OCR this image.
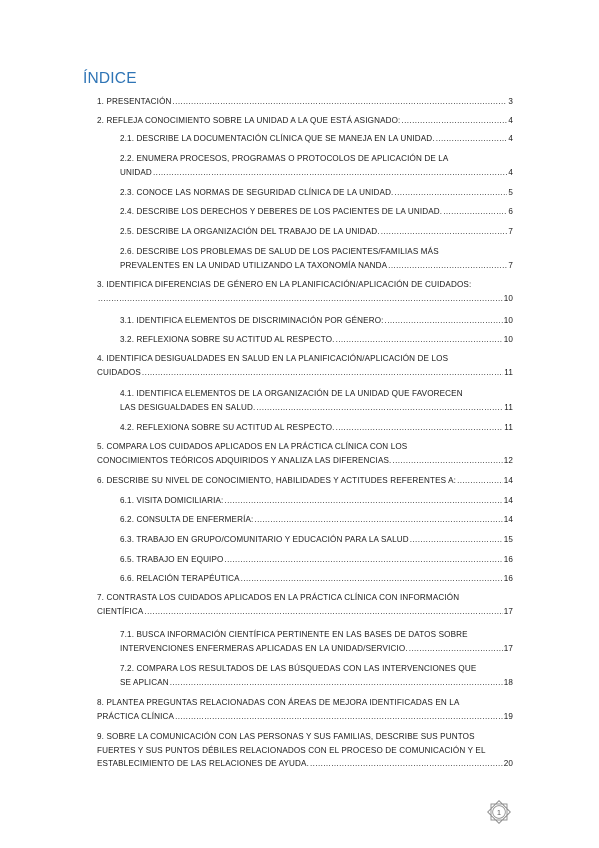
ÍNDICE
1. PRESENTACIÓN .....	3
2. REFLEJA CONOCIMIENTO SOBRE LA UNIDAD A LA QUE ESTÁ ASIGNADO: .....	4
2.1. DESCRIBE LA DOCUMENTACIÓN CLÍNICA QUE SE MANEJA EN LA UNIDAD. .....	4
2.2. ENUMERA PROCESOS, PROGRAMAS O PROTOCOLOS DE APLICACIÓN DE LA
UNIDAD .....	4
2.3. CONOCE LAS NORMAS DE SEGURIDAD CLÍNICA DE LA UNIDAD. .....	5
2.4. DESCRIBE LOS DERECHOS Y DEBERES DE LOS PACIENTES DE LA UNIDAD. .....	6
2.5. DESCRIBE LA ORGANIZACIÓN DEL TRABAJO DE LA UNIDAD. .....	7
2.6. DESCRIBE LOS PROBLEMAS DE SALUD DE LOS PACIENTES/FAMILIAS MÁS
PREVALENTES EN LA UNIDAD UTILIZANDO LA TAXONOMÍA NANDA .....	7
3. IDENTIFICA DIFERENCIAS DE GÉNERO EN LA PLANIFICACIÓN/APLICACIÓN DE CUIDADOS:
.....
10
3.1. IDENTIFICA ELEMENTOS DE DISCRIMINACIÓN POR GÉNERO: .....	10
3.2. REFLEXIONA SOBRE SU ACTITUD AL RESPECTO. .....	10
4. IDENTIFICA DESIGUALDADES EN SALUD EN LA PLANIFICACIÓN/APLICACIÓN DE LOS
CUIDADOS .....	11
4.1. IDENTIFICA ELEMENTOS DE LA ORGANIZACIÓN DE LA UNIDAD QUE FAVORECEN
LAS DESIGUALDADES EN SALUD. .....	11
4.2. REFLEXIONA SOBRE SU ACTITUD AL RESPECTO. .....	11
5. COMPARA LOS CUIDADOS APLICADOS EN LA PRÁCTICA CLÍNICA CON LOS
CONOCIMIENTOS TEÓRICOS ADQUIRIDOS Y ANALIZA LAS DIFERENCIAS. .....	12
6. DESCRIBE SU NIVEL DE CONOCIMIENTO, HABILIDADES Y ACTITUDES REFERENTES A: .....	14
6.1. VISITA DOMICILIARIA: .....	14
6.2. CONSULTA DE ENFERMERÍA: .....	14
6.3. TRABAJO EN GRUPO/COMUNITARIO Y EDUCACIÓN PARA LA SALUD .....	15
6.5. TRABAJO EN EQUIPO .....	16
6.6. RELACIÓN TERAPÉUTICA .....	16
7. CONTRASTA LOS CUIDADOS APLICADOS EN LA PRÁCTICA CLÍNICA CON INFORMACIÓN
CIENTÍFICA .....	17
7.1. BUSCA INFORMACIÓN CIENTÍFICA PERTINENTE EN LAS BASES DE DATOS SOBRE
INTERVENCIONES ENFERMERAS APLICADAS EN LA UNIDAD/SERVICIO. .....	17
7.2. COMPARA LOS RESULTADOS DE LAS BÚSQUEDAS CON LAS INTERVENCIONES QUE
SE APLICAN .....	18
8. PLANTEA PREGUNTAS RELACIONADAS CON ÁREAS DE MEJORA IDENTIFICADAS EN LA
PRÁCTICA CLÍNICA .....	19
9. SOBRE LA COMUNICACIÓN CON LAS PERSONAS Y SUS FAMILIAS, DESCRIBE SUS PUNTOS
FUERTES Y SUS PUNTOS DÉBILES RELACIONADOS CON EL PROCESO DE COMUNICACIÓN Y EL
ESTABLECIMIENTO DE LAS RELACIONES DE AYUDA. .....	20
1
